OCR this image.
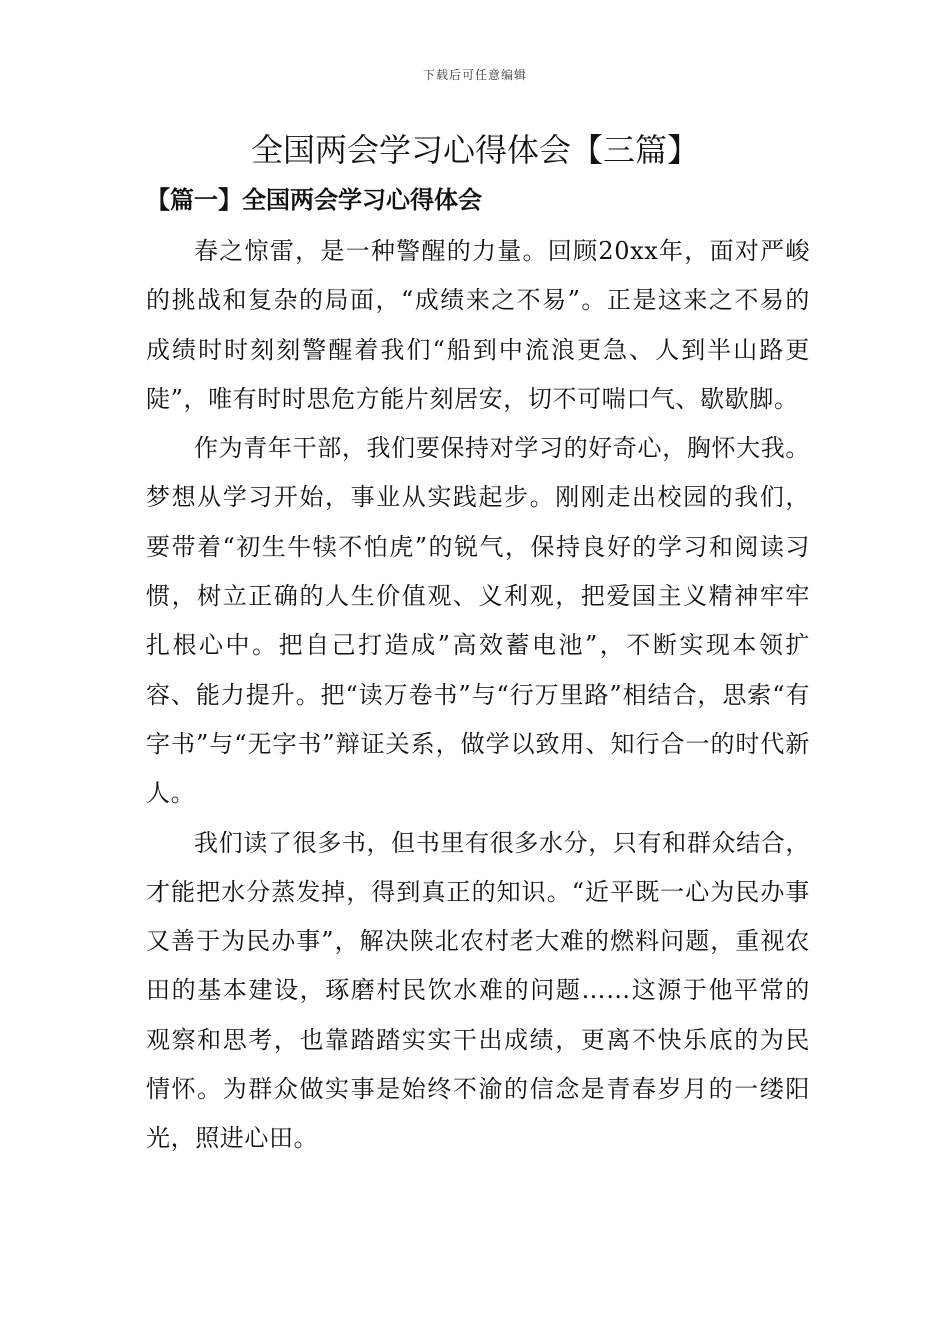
下载后可任意编辑
全国两会学习心得体会【三篇】
【篇一】全国两会学习心得体会

春之惊雷，是一种警醒的力量。回顾20xx年，面对严峻的挑战和复杂的局面，“成绩来之不易”。正是这来之不易的成绩时时刻刻警醒着我们“船到中流浪更急、人到半山路更陡”，唯有时时思危方能片刻居安，切不可喘口气、歇歇脚。

作为青年干部，我们要保持对学习的好奇心，胸怀大我。梦想从学习开始，事业从实践起步。刚刚走出校园的我们，要带着“初生牛犊不怕虎”的锐气，保持良好的学习和阅读习惯，树立正确的人生价值观、义利观，把爱国主义精神牢牢扎根心中。把自己打造成”高效蓄电池”，不断实现本领扩容、能力提升。把“读万卷书”与“行万里路”相结合，思索“有字书”与“无字书”辩证关系，做学以致用、知行合一的时代新人。

我们读了很多书，但书里有很多水分，只有和群众结合，才能把水分蒸发掉，得到真正的知识。“近平既一心为民办事又善于为民办事”，解决陕北农村老大难的燃料问题，重视农田的基本建设，琢磨村民饮水难的问题……这源于他平常的观察和思考，也靠踏踏实实干出成绩，更离不快乐底的为民情怀。为群众做实事是始终不渝的信念是青春岁月的一缕阳光，照进心田。
